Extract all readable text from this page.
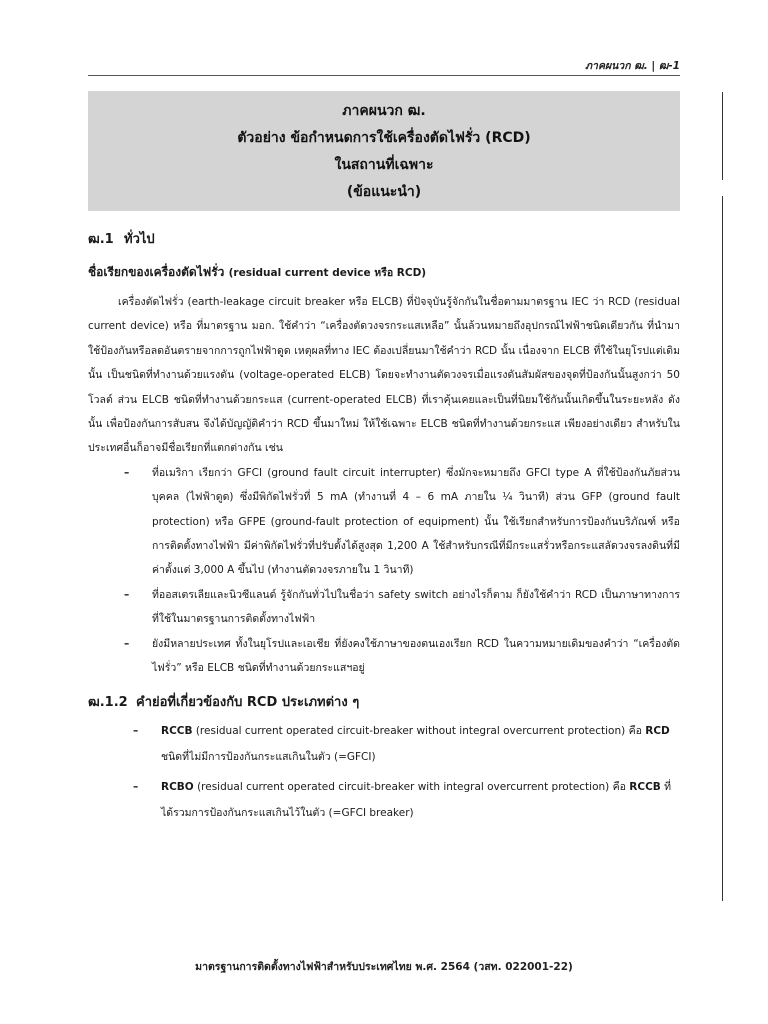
ภาคผนวก ฒ. | ฒ-1
ภาคผนวก ฒ.
ตัวอย่าง ข้อกำหนดการใช้เครื่องตัดไฟรั่ว (RCD)
ในสถานที่เฉพาะ
(ข้อแนะนำ)
ฒ.1 ทั่วไป
ชื่อเรียกของเครื่องตัดไฟรั่ว (residual current device หรือ RCD)

เครื่องตัดไฟรั่ว (earth-leakage circuit breaker หรือ ELCB) ที่ปัจจุบันรู้จักกันในชื่อตามมาตรฐาน IEC ว่า RCD (residual current device) หรือ ที่มาตรฐาน มอก. ใช้คำว่า “เครื่องตัดวงจรกระแสเหลือ” นั้นล้วนหมายถึงอุปกรณ์ไฟฟ้าชนิดเดียวกัน ที่นำมาใช้ป้องกันหรือลดอันตรายจากการถูกไฟฟ้าดูด เหตุผลที่ทาง IEC ต้องเปลี่ยนมาใช้คำว่า RCD นั้น เนื่องจาก ELCB ที่ใช้ในยุโรปแต่เดิมนั้น เป็นชนิดที่ทำงานด้วยแรงดัน (voltage-operated ELCB) โดยจะทำงานตัดวงจรเมื่อแรงดันสัมผัสของจุดที่ป้องกันนั้นสูงกว่า 50 โวลต์ ส่วน ELCB ชนิดที่ทำงานด้วยกระแส (current-operated ELCB) ที่เราคุ้นเคยและเป็นที่นิยมใช้กันนั้นเกิดขึ้นในระยะหลัง ดังนั้น เพื่อป้องกันการสับสน จึงได้บัญญัติคำว่า RCD ขึ้นมาใหม่ ให้ใช้เฉพาะ ELCB ชนิดที่ทำงานด้วยกระแส เพียงอย่างเดียว สำหรับในประเทศอื่นก็อาจมีชื่อเรียกที่แตกต่างกัน เช่น

– ที่อเมริกา เรียกว่า GFCI (ground fault circuit interrupter) ซึ่งมักจะหมายถึง GFCI type A ที่ใช้ป้องกันภัยส่วนบุคคล (ไฟฟ้าดูด) ซึ่งมีพิกัดไฟรั่วที่ 5 mA (ทำงานที่ 4 – 6 mA ภายใน ¼ วินาที) ส่วน GFP (ground fault protection) หรือ GFPE (ground-fault protection of equipment) นั้น ใช้เรียกสำหรับการป้องกันบริภัณฑ์ หรือ การติดตั้งทางไฟฟ้า มีค่าพิกัดไฟรั่วที่ปรับตั้งได้สูงสุด 1,200 A ใช้สำหรับกรณีที่มีกระแสรั่วหรือกระแสลัดวงจรลงดินที่มีค่าตั้งแต่ 3,000 A ขึ้นไป (ทำงานตัดวงจรภายใน 1 วินาที)
– ที่ออสเตรเลียและนิวซีแลนด์ รู้จักกันทั่วไปในชื่อว่า safety switch อย่างไรก็ตาม ก็ยังใช้คำว่า RCD เป็นภาษาทางการที่ใช้ในมาตรฐานการติดตั้งทางไฟฟ้า
– ยังมีหลายประเทศ ทั้งในยุโรปและเอเชีย ที่ยังคงใช้ภาษาของตนเองเรียก RCD ในความหมายเดิมของคำว่า “เครื่องตัดไฟรั่ว” หรือ ELCB ชนิดที่ทำงานด้วยกระแสฯอยู่
ฒ.1.2 คำย่อที่เกี่ยวข้องกับ RCD ประเภทต่าง ๆ
– RCCB (residual current operated circuit-breaker without integral overcurrent protection) คือ RCD ชนิดที่ไม่มีการป้องกันกระแสเกินในตัว (=GFCI)
– RCBO (residual current operated circuit-breaker with integral overcurrent protection) คือ RCCB ที่ได้รวมการป้องกันกระแสเกินไว้ในตัว (=GFCI breaker)
มาตรฐานการติดตั้งทางไฟฟ้าสำหรับประเทศไทย พ.ศ. 2564 (วสท. 022001-22)
